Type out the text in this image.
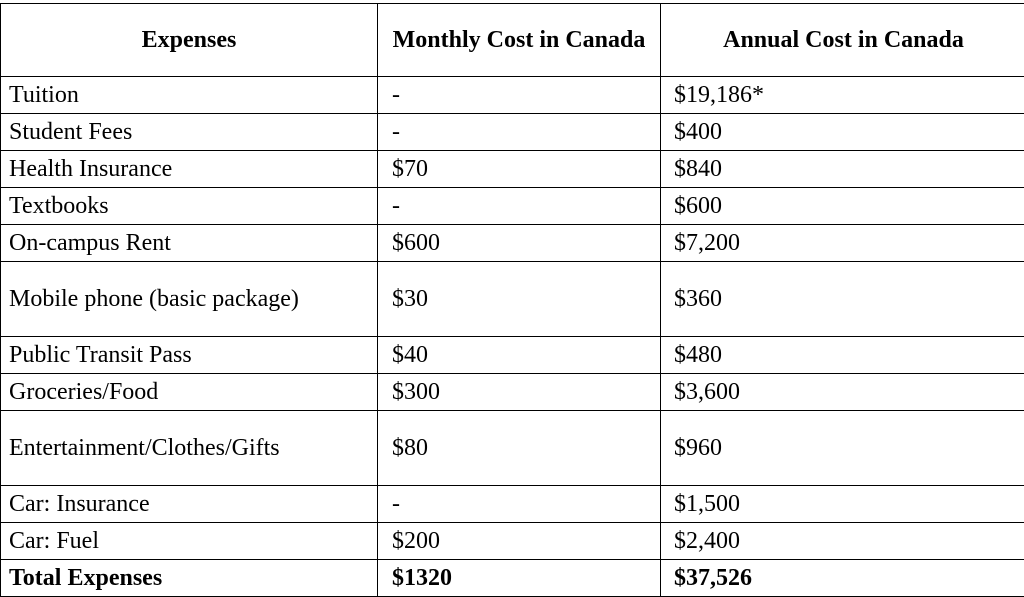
Expenses	Monthly Cost in Canada	Annual Cost in Canada
Tuition	-	$19,186*
Student Fees	-	$400
Health Insurance	$70	$840
Textbooks	-	$600
On-campus Rent	$600	$7,200
Mobile phone (basic package)	$30	$360
Public Transit Pass	$40	$480
Groceries/Food	$300	$3,600
Entertainment/Clothes/Gifts	$80	$960
Car: Insurance	-	$1,500
Car: Fuel	$200	$2,400
Total Expenses	$1320	$37,526
